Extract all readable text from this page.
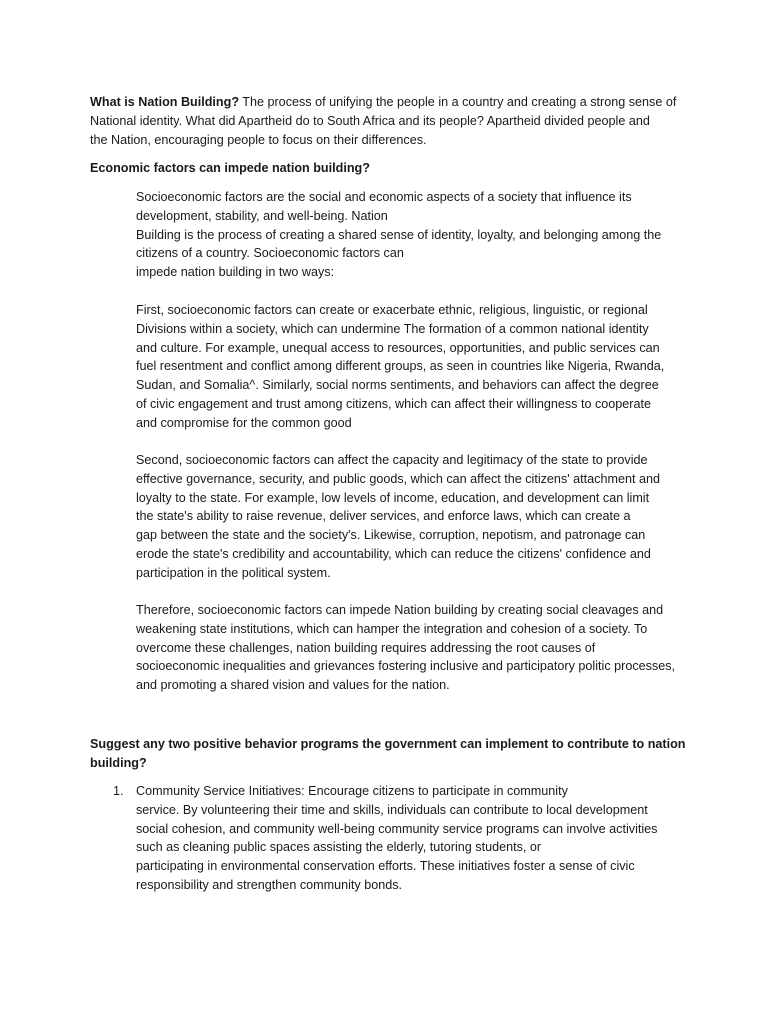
What is Nation Building? The process of unifying the people in a country and creating a strong sense of
National identity. What did Apartheid do to South Africa and its people? Apartheid divided people and
the Nation, encouraging people to focus on their differences.
Economic factors can impede nation building?
Socioeconomic factors are the social and economic aspects of a society that influence its
development, stability, and well-being. Nation
Building is the process of creating a shared sense of identity, loyalty, and belonging among the
citizens of a country. Socioeconomic factors can
impede nation building in two ways:
First, socioeconomic factors can create or exacerbate ethnic, religious, linguistic, or regional
Divisions within a society, which can undermine The formation of a common national identity
and culture. For example, unequal access to resources, opportunities, and public services can
fuel resentment and conflict among different groups, as seen in countries like Nigeria, Rwanda,
Sudan, and Somalia^. Similarly, social norms sentiments, and behaviors can affect the degree
of civic engagement and trust among citizens, which can affect their willingness to cooperate
and compromise for the common good
Second, socioeconomic factors can affect the capacity and legitimacy of the state to provide
effective governance, security, and public goods, which can affect the citizens' attachment and
loyalty to the state. For example, low levels of income, education, and development can limit
the state's ability to raise revenue, deliver services, and enforce laws, which can create a
gap between the state and the society's. Likewise, corruption, nepotism, and patronage can
erode the state's credibility and accountability, which can reduce the citizens' confidence and
participation in the political system.
Therefore, socioeconomic factors can impede Nation building by creating social cleavages and
weakening state institutions, which can hamper the integration and cohesion of a society. To
overcome these challenges, nation building requires addressing the root causes of
socioeconomic inequalities and grievances fostering inclusive and participatory politic processes,
and promoting a shared vision and values for the nation.
Suggest any two positive behavior programs the government can implement to contribute to nation
building?
1. Community Service Initiatives: Encourage citizens to participate in community
service. By volunteering their time and skills, individuals can contribute to local development
social cohesion, and community well-being community service programs can involve activities
such as cleaning public spaces assisting the elderly, tutoring students, or
participating in environmental conservation efforts. These initiatives foster a sense of civic
responsibility and strengthen community bonds.
